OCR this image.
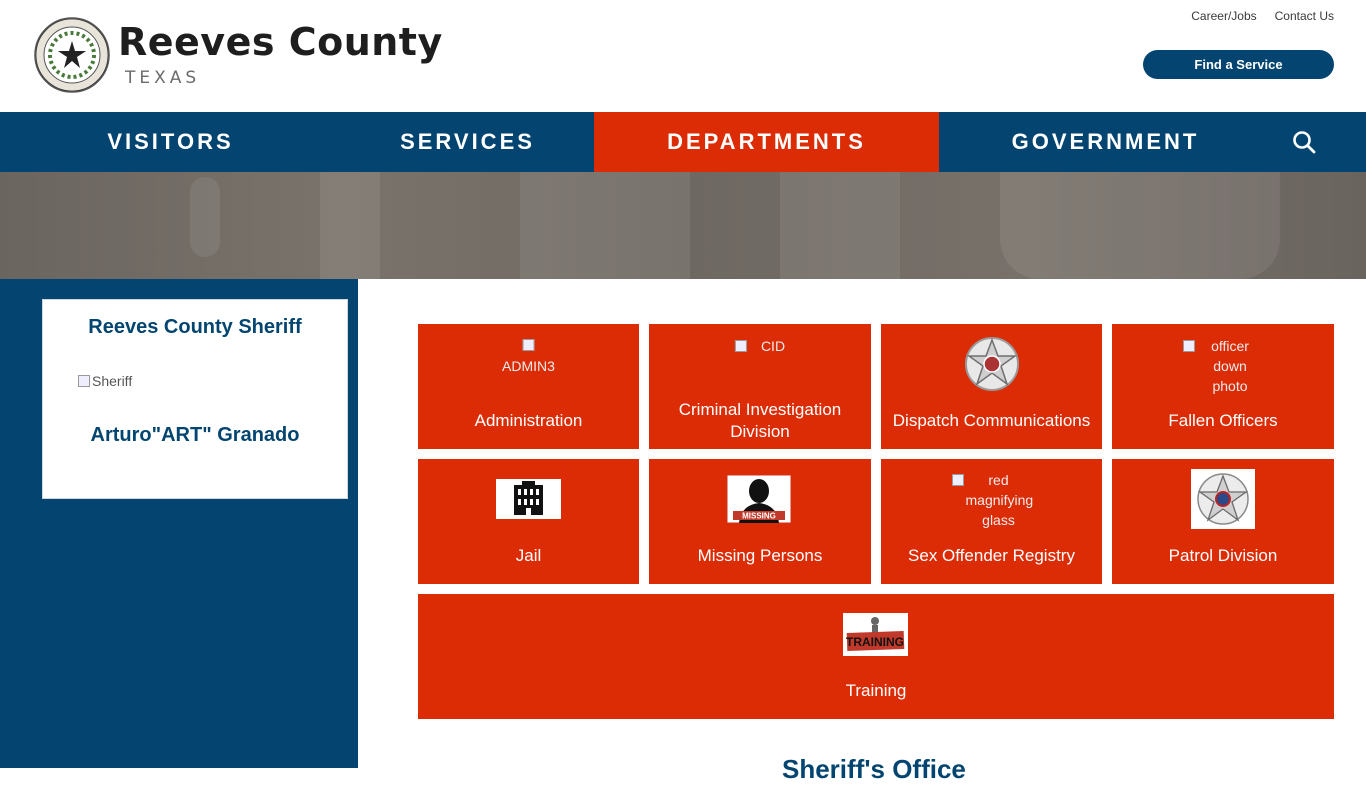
Reeves County
TEXAS
Career/Jobs Contact Us
Find a Service
VISITORS	SERVICES	DEPARTMENTS	GOVERNMENT
Reeves County Sheriff
Sheriff
Arturo"ART" Granado
ADMIN3
Administration
CID
Criminal Investigation Division
Dispatch Communications
officer down photo
Fallen Officers
Jail
MISSING
Missing Persons
red magnifying glass
Sex Offender Registry	Patrol Division
TRAINING
Training
Sheriff's Office
